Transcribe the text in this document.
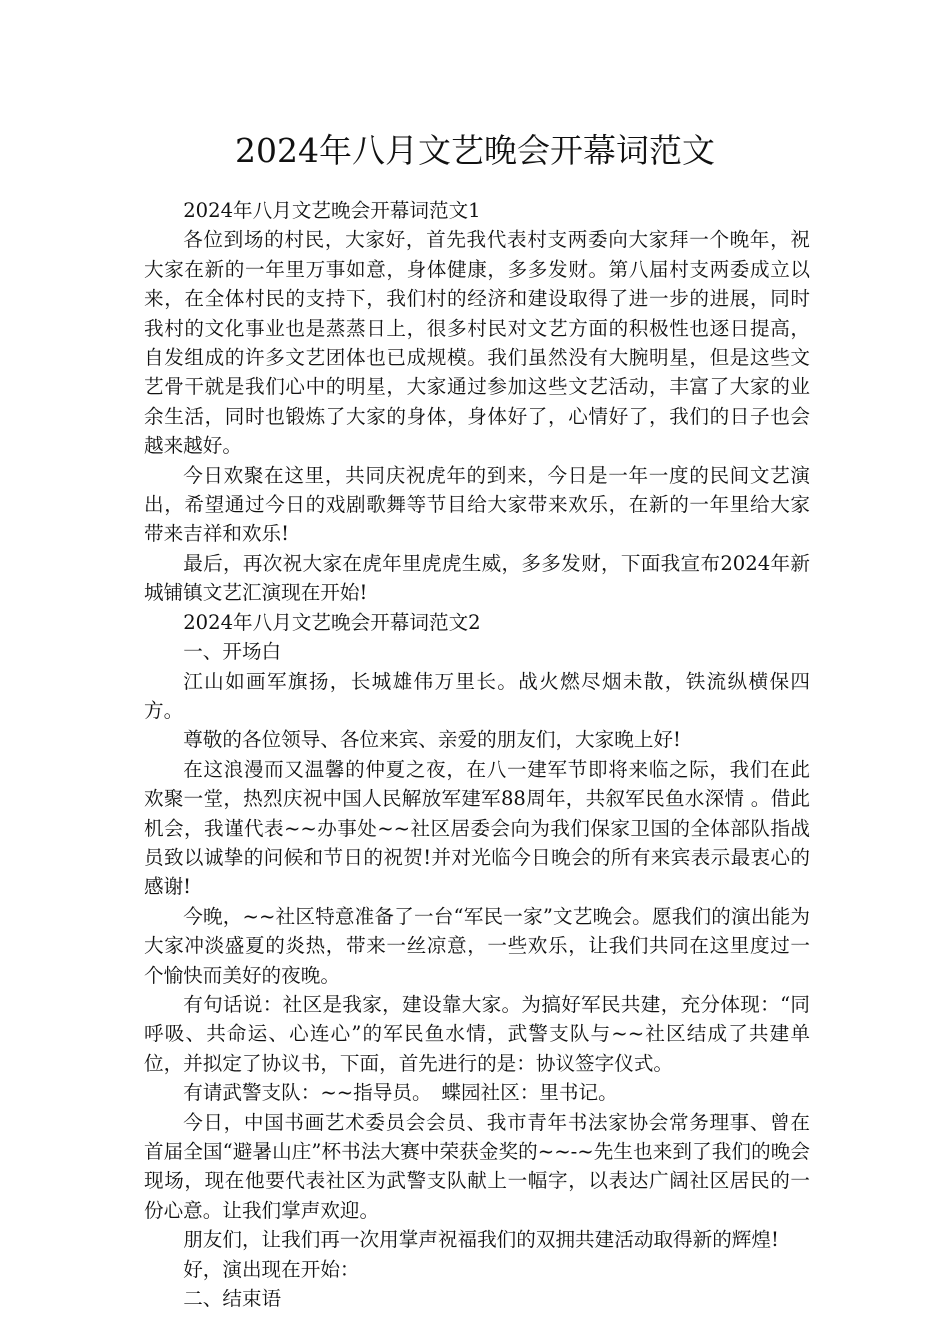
2024年八月文艺晚会开幕词范文

2024年八月文艺晚会开幕词范文1

各位到场的村民，大家好，首先我代表村支两委向大家拜一个晚年，祝大家在新的一年里万事如意，身体健康，多多发财。第八届村支两委成立以来，在全体村民的支持下，我们村的经济和建设取得了进一步的进展，同时我村的文化事业也是蒸蒸日上，很多村民对文艺方面的积极性也逐日提高，自发组成的许多文艺团体也已成规模。我们虽然没有大腕明星，但是这些文艺骨干就是我们心中的明星，大家通过参加这些文艺活动，丰富了大家的业余生活，同时也锻炼了大家的身体，身体好了，心情好了，我们的日子也会越来越好。

今日欢聚在这里，共同庆祝虎年的到来，今日是一年一度的民间文艺演出，希望通过今日的戏剧歌舞等节目给大家带来欢乐，在新的一年里给大家带来吉祥和欢乐!

最后，再次祝大家在虎年里虎虎生威，多多发财，下面我宣布2024年新城铺镇文艺汇演现在开始!

2024年八月文艺晚会开幕词范文2

一、开场白

江山如画军旗扬，长城雄伟万里长。战火燃尽烟未散，铁流纵横保四方。

尊敬的各位领导、各位来宾、亲爱的朋友们，大家晚上好!

在这浪漫而又温馨的仲夏之夜，在八一建军节即将来临之际，我们在此欢聚一堂，热烈庆祝中国人民解放军建军88周年，共叙军民鱼水深情 。借此机会，我谨代表~~办事处~~社区居委会向为我们保家卫国的全体部队指战员致以诚挚的问候和节日的祝贺!并对光临今日晚会的所有来宾表示最衷心的感谢!

今晚，~~社区特意准备了一台“军民一家”文艺晚会。愿我们的演出能为大家冲淡盛夏的炎热，带来一丝凉意，一些欢乐，让我们共同在这里度过一个愉快而美好的夜晚。

有句话说：社区是我家，建设靠大家。为搞好军民共建，充分体现：“同呼吸、共命运、心连心”的军民鱼水情，武警支队与~~社区结成了共建单位，并拟定了协议书，下面，首先进行的是：协议签字仪式。

有请武警支队：~~指导员。　蝶园社区：里书记。

今日，中国书画艺术委员会会员、我市青年书法家协会常务理事、曾在首届全国“避暑山庄”杯书法大赛中荣获金奖的~~-~先生也来到了我们的晚会现场，现在他要代表社区为武警支队献上一幅字，以表达广阔社区居民的一份心意。让我们掌声欢迎。

朋友们，让我们再一次用掌声祝福我们的双拥共建活动取得新的辉煌!

好，演出现在开始：

二、结束语
